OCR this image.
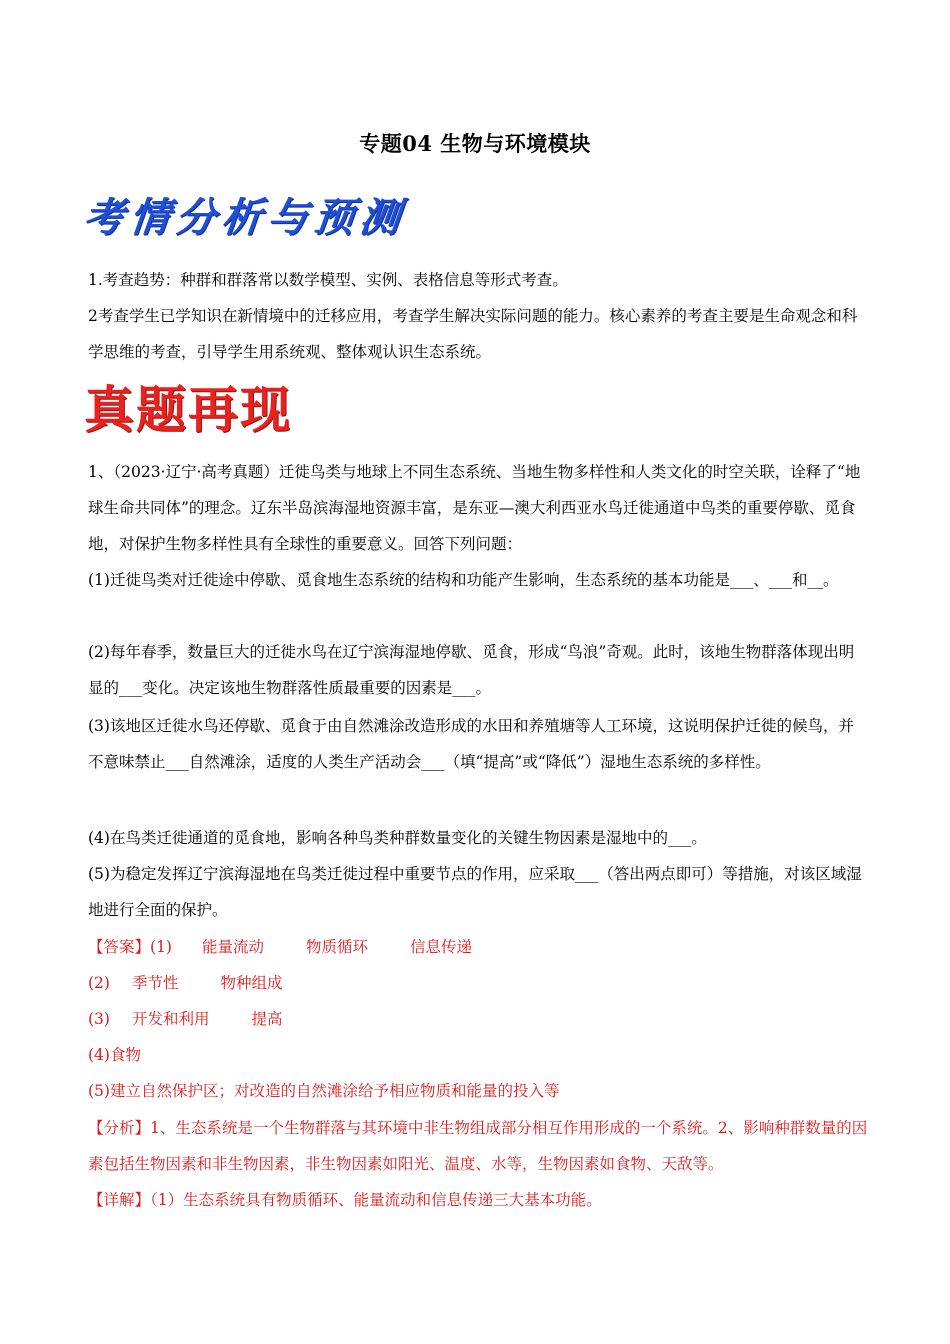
专题04 生物与环境模块
考情分析与预测
1.考查趋势：种群和群落常以数学模型、实例、表格信息等形式考查。
2考查学生已学知识在新情境中的迁移应用，考查学生解决实际问题的能力。核心素养的考查主要是生命观念和科学思维的考查，引导学生用系统观、整体观认识生态系统。
真题再现
1、（2023·辽宁·高考真题）迁徙鸟类与地球上不同生态系统、当地生物多样性和人类文化的时空关联，诠释了“地球生命共同体”的理念。辽东半岛滨海湿地资源丰富，是东亚—澳大利西亚水鸟迁徙通道中鸟类的重要停歇、觅食地，对保护生物多样性具有全球性的重要意义。回答下列问题：
(1)迁徙鸟类对迁徙途中停歇、觅食地生态系统的结构和功能产生影响，生态系统的基本功能是___、___和__。
(2)每年春季，数量巨大的迁徙水鸟在辽宁滨海湿地停歇、觅食，形成“鸟浪”奇观。此时，该地生物群落体现出明显的___变化。决定该地生物群落性质最重要的因素是___。
(3)该地区迁徙水鸟还停歇、觅食于由自然滩涂改造形成的水田和养殖塘等人工环境，这说明保护迁徙的候鸟，并不意味禁止___自然滩涂，适度的人类生产活动会___（填“提高”或“降低”）湿地生态系统的多样性。
(4)在鸟类迁徙通道的觅食地，影响各种鸟类种群数量变化的关键生物因素是湿地中的___。
(5)为稳定发挥辽宁滨海湿地在鸟类迁徙过程中重要节点的作用，应采取___（答出两点即可）等措施，对该区域湿地进行全面的保护。
【答案】(1) 能量流动	物质循环	信息传递
(2) 季节性	物种组成
(3) 开发和利用	提高
(4)食物
(5)建立自然保护区；对改造的自然滩涂给予相应物质和能量的投入等
【分析】1、生态系统是一个生物群落与其环境中非生物组成部分相互作用形成的一个系统。2、影响种群数量的因素包括生物因素和非生物因素，非生物因素如阳光、温度、水等，生物因素如食物、天敌等。
【详解】（1）生态系统具有物质循环、能量流动和信息传递三大基本功能。
